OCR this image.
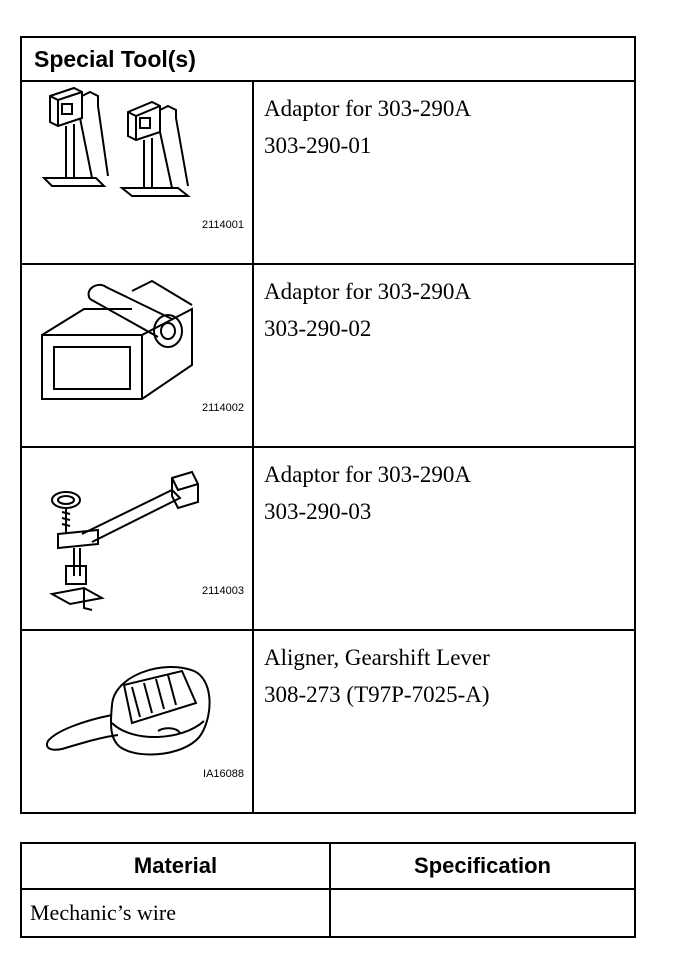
Special Tool(s)	

2114001	Adaptor for 303-290A
303-290-01

2114002	Adaptor for 303-290A
303-290-02

2114003	Adaptor for 303-290A
303-290-03

IA16088	Aligner, Gearshift Lever
308-273 (T97P-7025-A)
Material	Specification
Mechanic’s wire	
